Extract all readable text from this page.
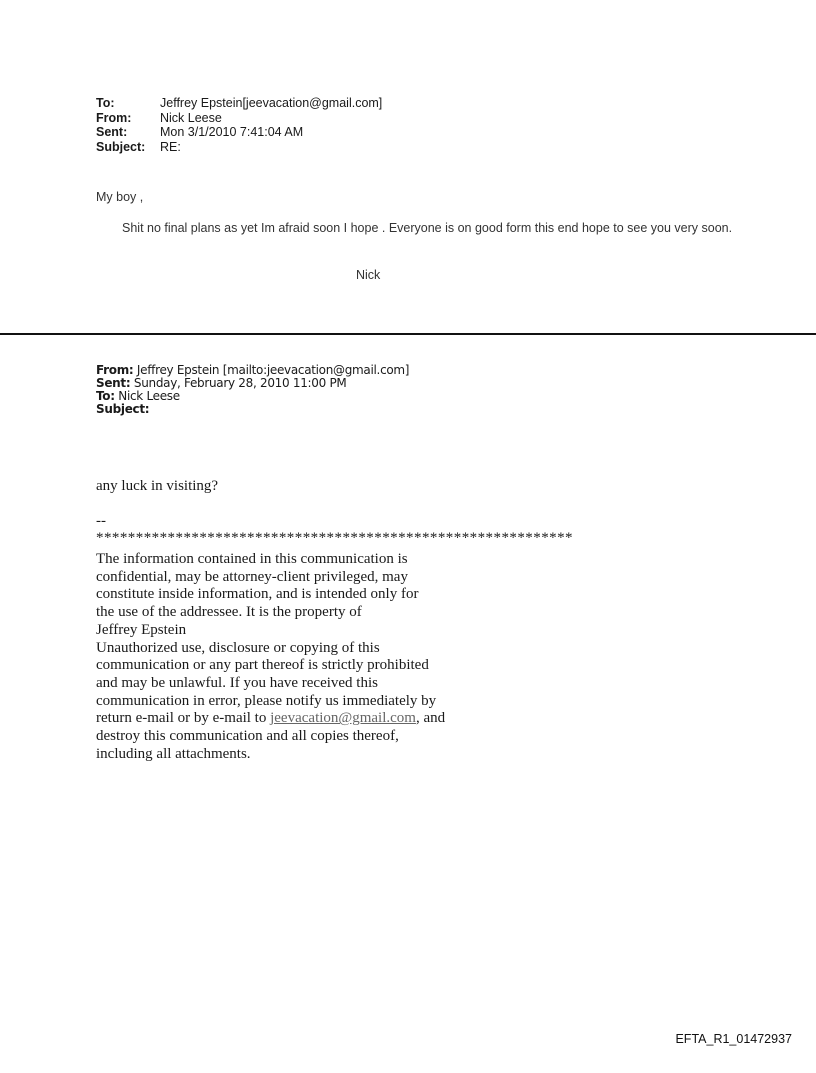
To:	Jeffrey Epstein[jeevacation@gmail.com]
From:	Nick Leese
Sent:	Mon 3/1/2010 7:41:04 AM
Subject:	RE:
My boy ,

Shit no final plans as yet Im afraid soon I hope . Everyone is on good form this end hope to see you very soon.

Nick
From: Jeffrey Epstein [mailto:jeevacation@gmail.com]
Sent: Sunday, February 28, 2010 11:00 PM
To: Nick Leese
Subject:
any luck in visiting?
--
************************************************************
The information contained in this communication is
confidential, may be attorney-client privileged, may
constitute inside information, and is intended only for
the use of the addressee. It is the property of
Jeffrey Epstein
Unauthorized use, disclosure or copying of this
communication or any part thereof is strictly prohibited
and may be unlawful. If you have received this
communication in error, please notify us immediately by
return e-mail or by e-mail to jeevacation@gmail.com, and
destroy this communication and all copies thereof,
including all attachments.
EFTA_R1_01472937
